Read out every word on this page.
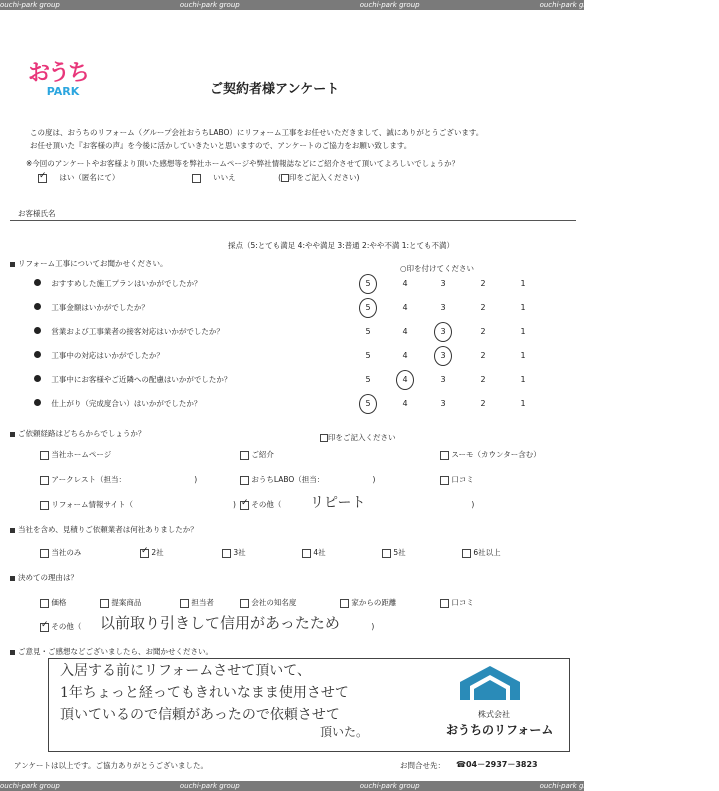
ouchi-park group	ouchi-park group	ouchi-park group	ouchi-park group
ouchi-park group	ouchi-park group	ouchi-park group	ouchi-park group
おうち
PARK	ご契約者様アンケート
この度は、おうちのリフォーム（グループ会社おうちLABO）にリフォーム工事をお任せいただきまして、誠にありがとうございます。
お任せ頂いた『お客様の声』を今後に活かしていきたいと思いますので、アンケートのご協力をお願い致します。
※今回のアンケートやお客様より頂いた感想等を弊社ホームページや弊社情報誌などにご紹介させて頂いてよろしいでしょうか？
✓ はい（匿名にて）	いいえ	( 印をご記入ください)
お客様氏名
採点（5:とても満足 4:やや満足 3:普通 2:やや不満 1:とても不満）
リフォーム工事についてお聞かせください。
○印を付けてください
おすすめした施工プランはいかがでしたか？	5	4	3	2	1
工事金額はいかがでしたか？	5	4	3	2	1
営業および工事業者の接客対応はいかがでしたか？	5	4	3	2	1
工事中の対応はいかがでしたか？	5	4	3	2	1
工事中にお客様やご近隣への配慮はいかがでしたか？	5	4	3	2	1
仕上がり（完成度合い）はいかがでしたか？	5	4	3	2	1
ご依頼経路はどちらからでしょうか？	印をご記入ください
当社ホームページ	ご紹介	スーモ（カウンター含む）
アークレスト（担当：	)	おうちLABO（担当：	)	口コミ
リフォーム情報サイト（	) ✓ その他（	)
リピート
当社を含め、見積りご依頼業者は何社ありましたか？
当社のみ	✓ 2社	3社	4社	5社	6社以上
決めての理由は？
価格	提案商品	担当者	会社の知名度	家からの距離	口コミ
✓ その他（	)
以前取り引きして信用があったため
ご意見・ご感想などございましたら、お聞かせください。
入居する前にリフォームさせて頂いて、
1年ちょっと経ってもきれいなまま使用させて
頂いているので信頼があったので依頼させて
頂いた。
株式会社
おうちのリフォーム
アンケートは以上です。ご協力ありがとうございました。	お問合せ先： ☎04－2937－3823
